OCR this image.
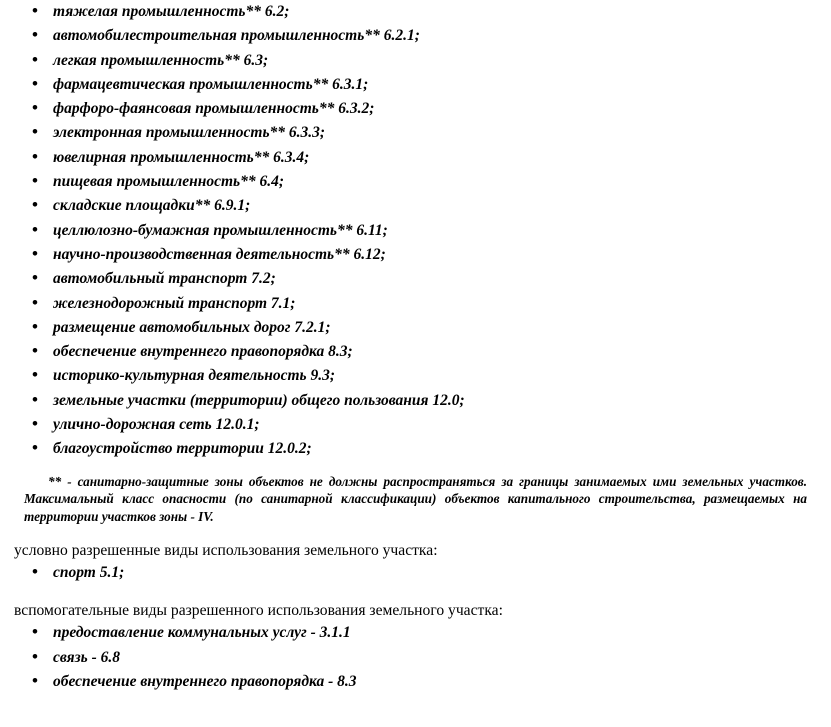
• тяжелая промышленность** 6.2;
• автомобилестроительная промышленность** 6.2.1;
• легкая промышленность** 6.3;
• фармацевтическая промышленность** 6.3.1;
• фарфоро-фаянсовая промышленность** 6.3.2;
• электронная промышленность** 6.3.3;
• ювелирная промышленность** 6.3.4;
• пищевая промышленность** 6.4;
• складские площадки** 6.9.1;
• целлюлозно-бумажная промышленность** 6.11;
• научно-производственная деятельность** 6.12;
• автомобильный транспорт 7.2;
• железнодорожный транспорт 7.1;
• размещение автомобильных дорог 7.2.1;
• обеспечение внутреннего правопорядка 8.3;
• историко-культурная деятельность 9.3;
• земельные участки (территории) общего пользования 12.0;
• улично-дорожная сеть 12.0.1;
• благоустройство территории 12.0.2;

** - санитарно-защитные зоны объектов не должны распространяться за границы занимаемых ими земельных участков. Максимальный класс опасности (по санитарной классификации) объектов капитального строительства, размещаемых на территории участков зоны - IV.

условно разрешенные виды использования земельного участка:

• спорт 5.1;

вспомогательные виды разрешенного использования земельного участка:

• предоставление коммунальных услуг - 3.1.1
• связь - 6.8
• обеспечение внутреннего правопорядка - 8.3
